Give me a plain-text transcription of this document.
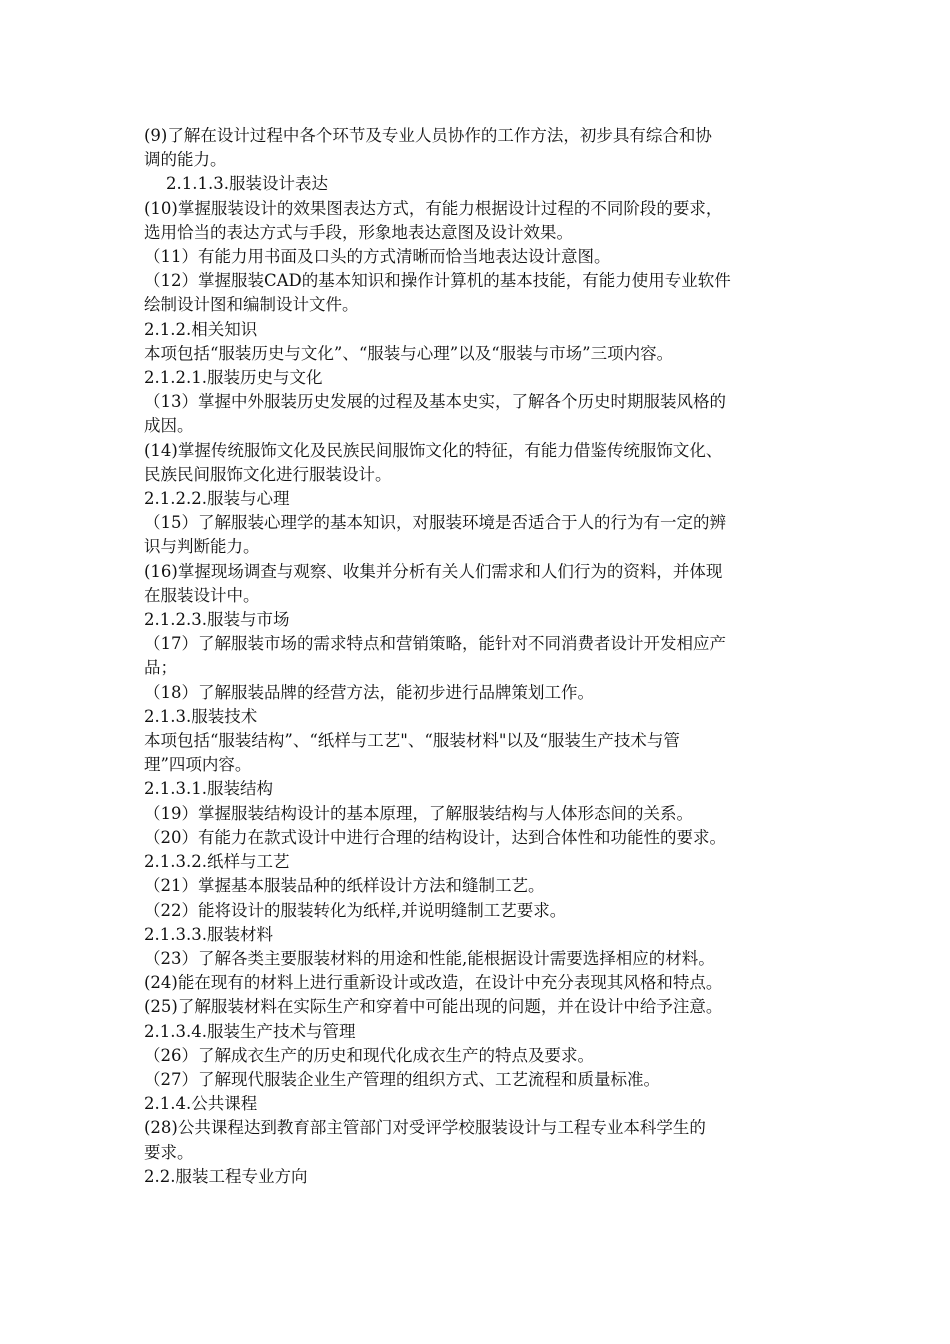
(9)了解在设计过程中各个环节及专业人员协作的工作方法，初步具有综合和协

调的能力。

2.1.1.3.服装设计表达

(10)掌握服装设计的效果图表达方式，有能力根据设计过程的不同阶段的要求，

选用恰当的表达方式与手段，形象地表达意图及设计效果。

（11）有能力用书面及口头的方式清晰而恰当地表达设计意图。

（12）掌握服装CAD的基本知识和操作计算机的基本技能，有能力使用专业软件

绘制设计图和编制设计文件。

2.1.2.相关知识

本项包括“服装历史与文化”、“服装与心理”以及“服装与市场”三项内容。

2.1.2.1.服装历史与文化

（13）掌握中外服装历史发展的过程及基本史实，了解各个历史时期服装风格的

成因。

(14)掌握传统服饰文化及民族民间服饰文化的特征，有能力借鉴传统服饰文化、

民族民间服饰文化进行服装设计。

2.1.2.2.服装与心理

（15）了解服装心理学的基本知识，对服装环境是否适合于人的行为有一定的辨

识与判断能力。

(16)掌握现场调查与观察、收集并分析有关人们需求和人们行为的资料，并体现

在服装设计中。

2.1.2.3.服装与市场

（17）了解服装市场的需求特点和营销策略，能针对不同消费者设计开发相应产

品；

（18）了解服装品牌的经营方法，能初步进行品牌策划工作。

2.1.3.服装技术

本项包括“服装结构”、“纸样与工艺"、“服装材料"以及“服装生产技术与管

理”四项内容。

2.1.3.1.服装结构

（19）掌握服装结构设计的基本原理，了解服装结构与人体形态间的关系。

（20）有能力在款式设计中进行合理的结构设计，达到合体性和功能性的要求。

2.1.3.2.纸样与工艺

（21）掌握基本服装品种的纸样设计方法和缝制工艺。

（22）能将设计的服装转化为纸样,并说明缝制工艺要求。

2.1.3.3.服装材料

（23）了解各类主要服装材料的用途和性能,能根据设计需要选择相应的材料。

(24)能在现有的材料上进行重新设计或改造，在设计中充分表现其风格和特点。

(25)了解服装材料在实际生产和穿着中可能出现的问题，并在设计中给予注意。

2.1.3.4.服装生产技术与管理

（26）了解成衣生产的历史和现代化成衣生产的特点及要求。

（27）了解现代服装企业生产管理的组织方式、工艺流程和质量标准。

2.1.4.公共课程

(28)公共课程达到教育部主管部门对受评学校服装设计与工程专业本科学生的

要求。

2.2.服装工程专业方向
